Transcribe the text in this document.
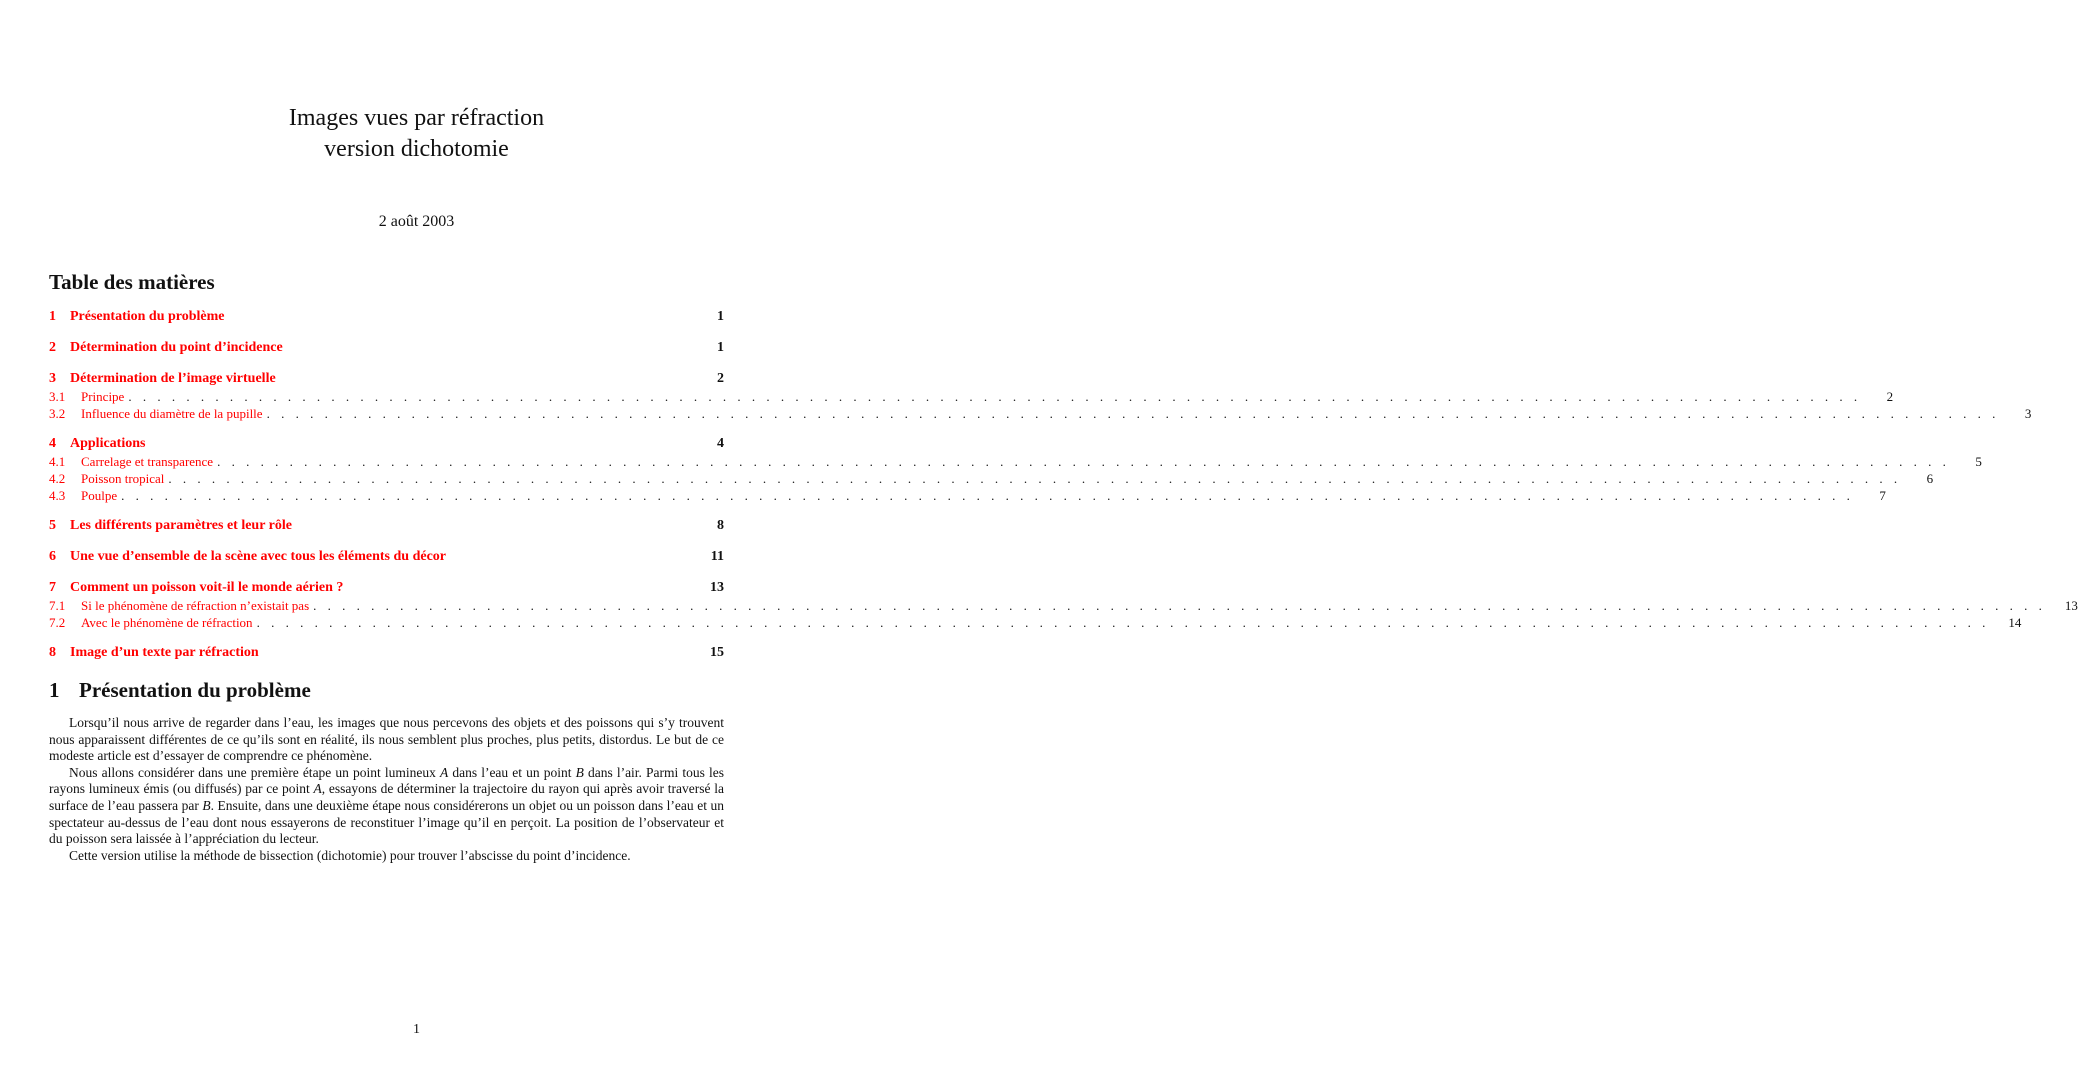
Images vues par réfraction
version dichotomie
2 août 2003
Table des matières
1	Présentation du problème	1
2	Détermination du point d’incidence	1
3	Détermination de l’image virtuelle	2
3.1	Principe . . . . . . . . . . . . . . . . . . . . . . . . . . . . . . . . . . . . . . . . . . . . . . . . . . . . . . . . . . . . . . . . . . . . . . . . . . . . . . . . . . . . . . . . . . . . . . . . . . . . . . . . . . . . . . . . . . . . . . . .	2
3.2	Influence du diamètre de la pupille . . . . . . . . . . . . . . . . . . . . . . . . . . . . . . . . . . . . . . . . . . . . . . . . . . . . . . . . . . . . . . . . . . . . . . . . . . . . . . . . . . . . . . . . . . . . . . . . . . . . . . . . . . . . . . . . . . . . . . . .	3
4	Applications	4
4.1	Carrelage et transparence . . . . . . . . . . . . . . . . . . . . . . . . . . . . . . . . . . . . . . . . . . . . . . . . . . . . . . . . . . . . . . . . . . . . . . . . . . . . . . . . . . . . . . . . . . . . . . . . . . . . . . . . . . . . . . . . . . . . . . . .	5
4.2	Poisson tropical . . . . . . . . . . . . . . . . . . . . . . . . . . . . . . . . . . . . . . . . . . . . . . . . . . . . . . . . . . . . . . . . . . . . . . . . . . . . . . . . . . . . . . . . . . . . . . . . . . . . . . . . . . . . . . . . . . . . . . . .	6
4.3	Poulpe . . . . . . . . . . . . . . . . . . . . . . . . . . . . . . . . . . . . . . . . . . . . . . . . . . . . . . . . . . . . . . . . . . . . . . . . . . . . . . . . . . . . . . . . . . . . . . . . . . . . . . . . . . . . . . . . . . . . . . . .	7
5	Les différents paramètres et leur rôle	8
6	Une vue d’ensemble de la scène avec tous les éléments du décor	11
7	Comment un poisson voit-il le monde aérien ?	13
7.1	Si le phénomène de réfraction n’existait pas . . . . . . . . . . . . . . . . . . . . . . . . . . . . . . . . . . . . . . . . . . . . . . . . . . . . . . . . . . . . . . . . . . . . . . . . . . . . . . . . . . . . . . . . . . . . . . . . . . . . . . . . . . . . . . . . . . . . . . . .	13
7.2	Avec le phénomène de réfraction . . . . . . . . . . . . . . . . . . . . . . . . . . . . . . . . . . . . . . . . . . . . . . . . . . . . . . . . . . . . . . . . . . . . . . . . . . . . . . . . . . . . . . . . . . . . . . . . . . . . . . . . . . . . . . . . . . . . . . . .	14
8	Image d’un texte par réfraction	15
1 Présentation du problème

Lorsqu’il nous arrive de regarder dans l’eau, les images que nous percevons des objets et des poissons qui s’y trouvent nous apparaissent différentes de ce qu’ils sont en réalité, ils nous semblent plus proches, plus petits, distordus. Le but de ce modeste article est d’essayer de comprendre ce phénomène.

Nous allons considérer dans une première étape un point lumineux A dans l’eau et un point B dans l’air. Parmi tous les rayons lumineux émis (ou diffusés) par ce point A, essayons de déterminer la trajectoire du rayon qui après avoir traversé la surface de l’eau passera par B. Ensuite, dans une deuxième étape nous considérerons un objet ou un poisson dans l’eau et un spectateur au-dessus de l’eau dont nous essayerons de reconstituer l’image qu’il en perçoit. La position de l’observateur et du poisson sera laissée à l’appréciation du lecteur.

Cette version utilise la méthode de bissection (dichotomie) pour trouver l’abscisse du point d’incidence.

1
